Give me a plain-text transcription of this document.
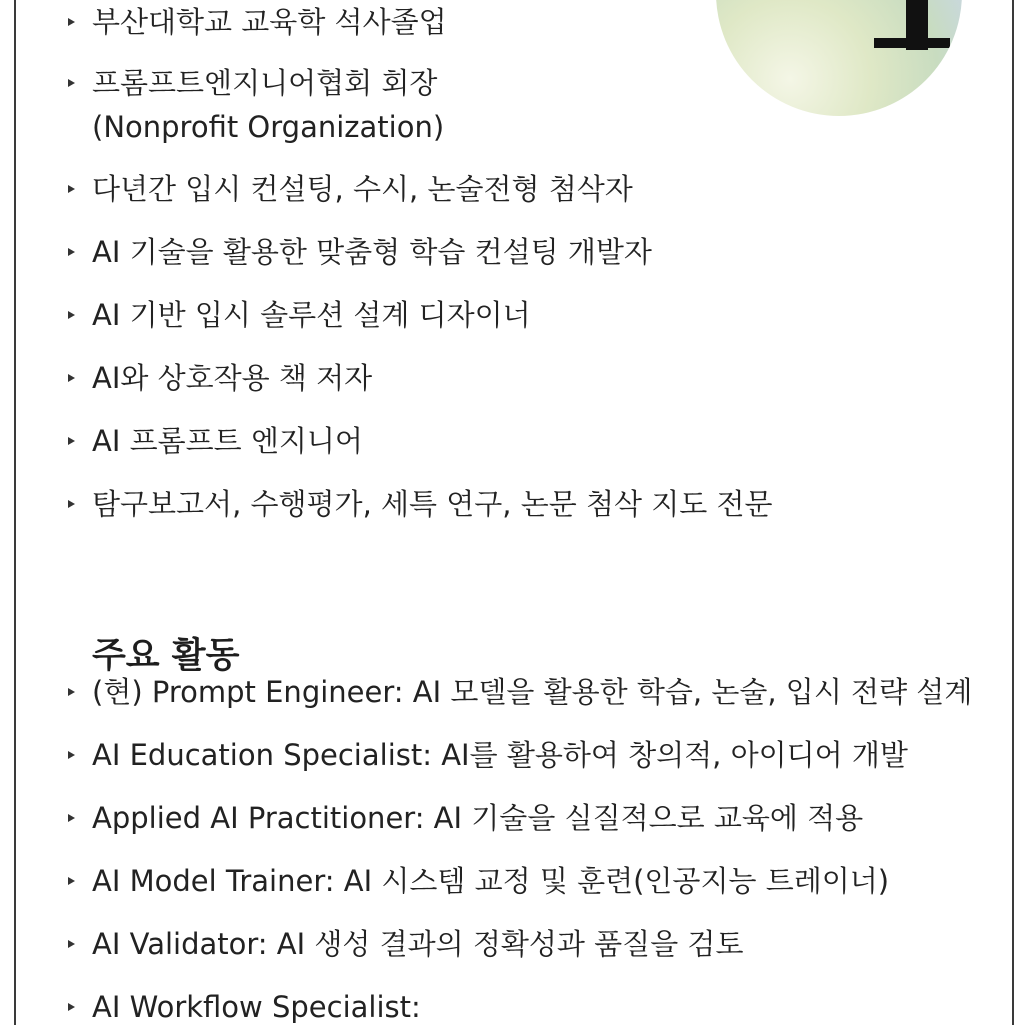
부산대학교 교육학 석사졸업
프롬프트엔지니어협회 회장
(Nonprofit Organization)
다년간 입시 컨설팅, 수시, 논술전형 첨삭자
AI 기술을 활용한 맞춤형 학습 컨설팅 개발자
AI 기반 입시 솔루션 설계 디자이너
AI와 상호작용 책 저자
AI 프롬프트 엔지니어
탐구보고서, 수행평가, 세특 연구, 논문 첨삭 지도 전문
주요 활동
(현) Prompt Engineer: AI 모델을 활용한 학습, 논술, 입시 전략 설계
AI Education Specialist: AI를 활용하여 창의적, 아이디어 개발
Applied AI Practitioner: AI 기술을 실질적으로 교육에 적용
AI Model Trainer: AI 시스템 교정 및 훈련(인공지능 트레이너)
AI Validator: AI 생성 결과의 정확성과 품질을 검토
AI Workflow Specialist:
